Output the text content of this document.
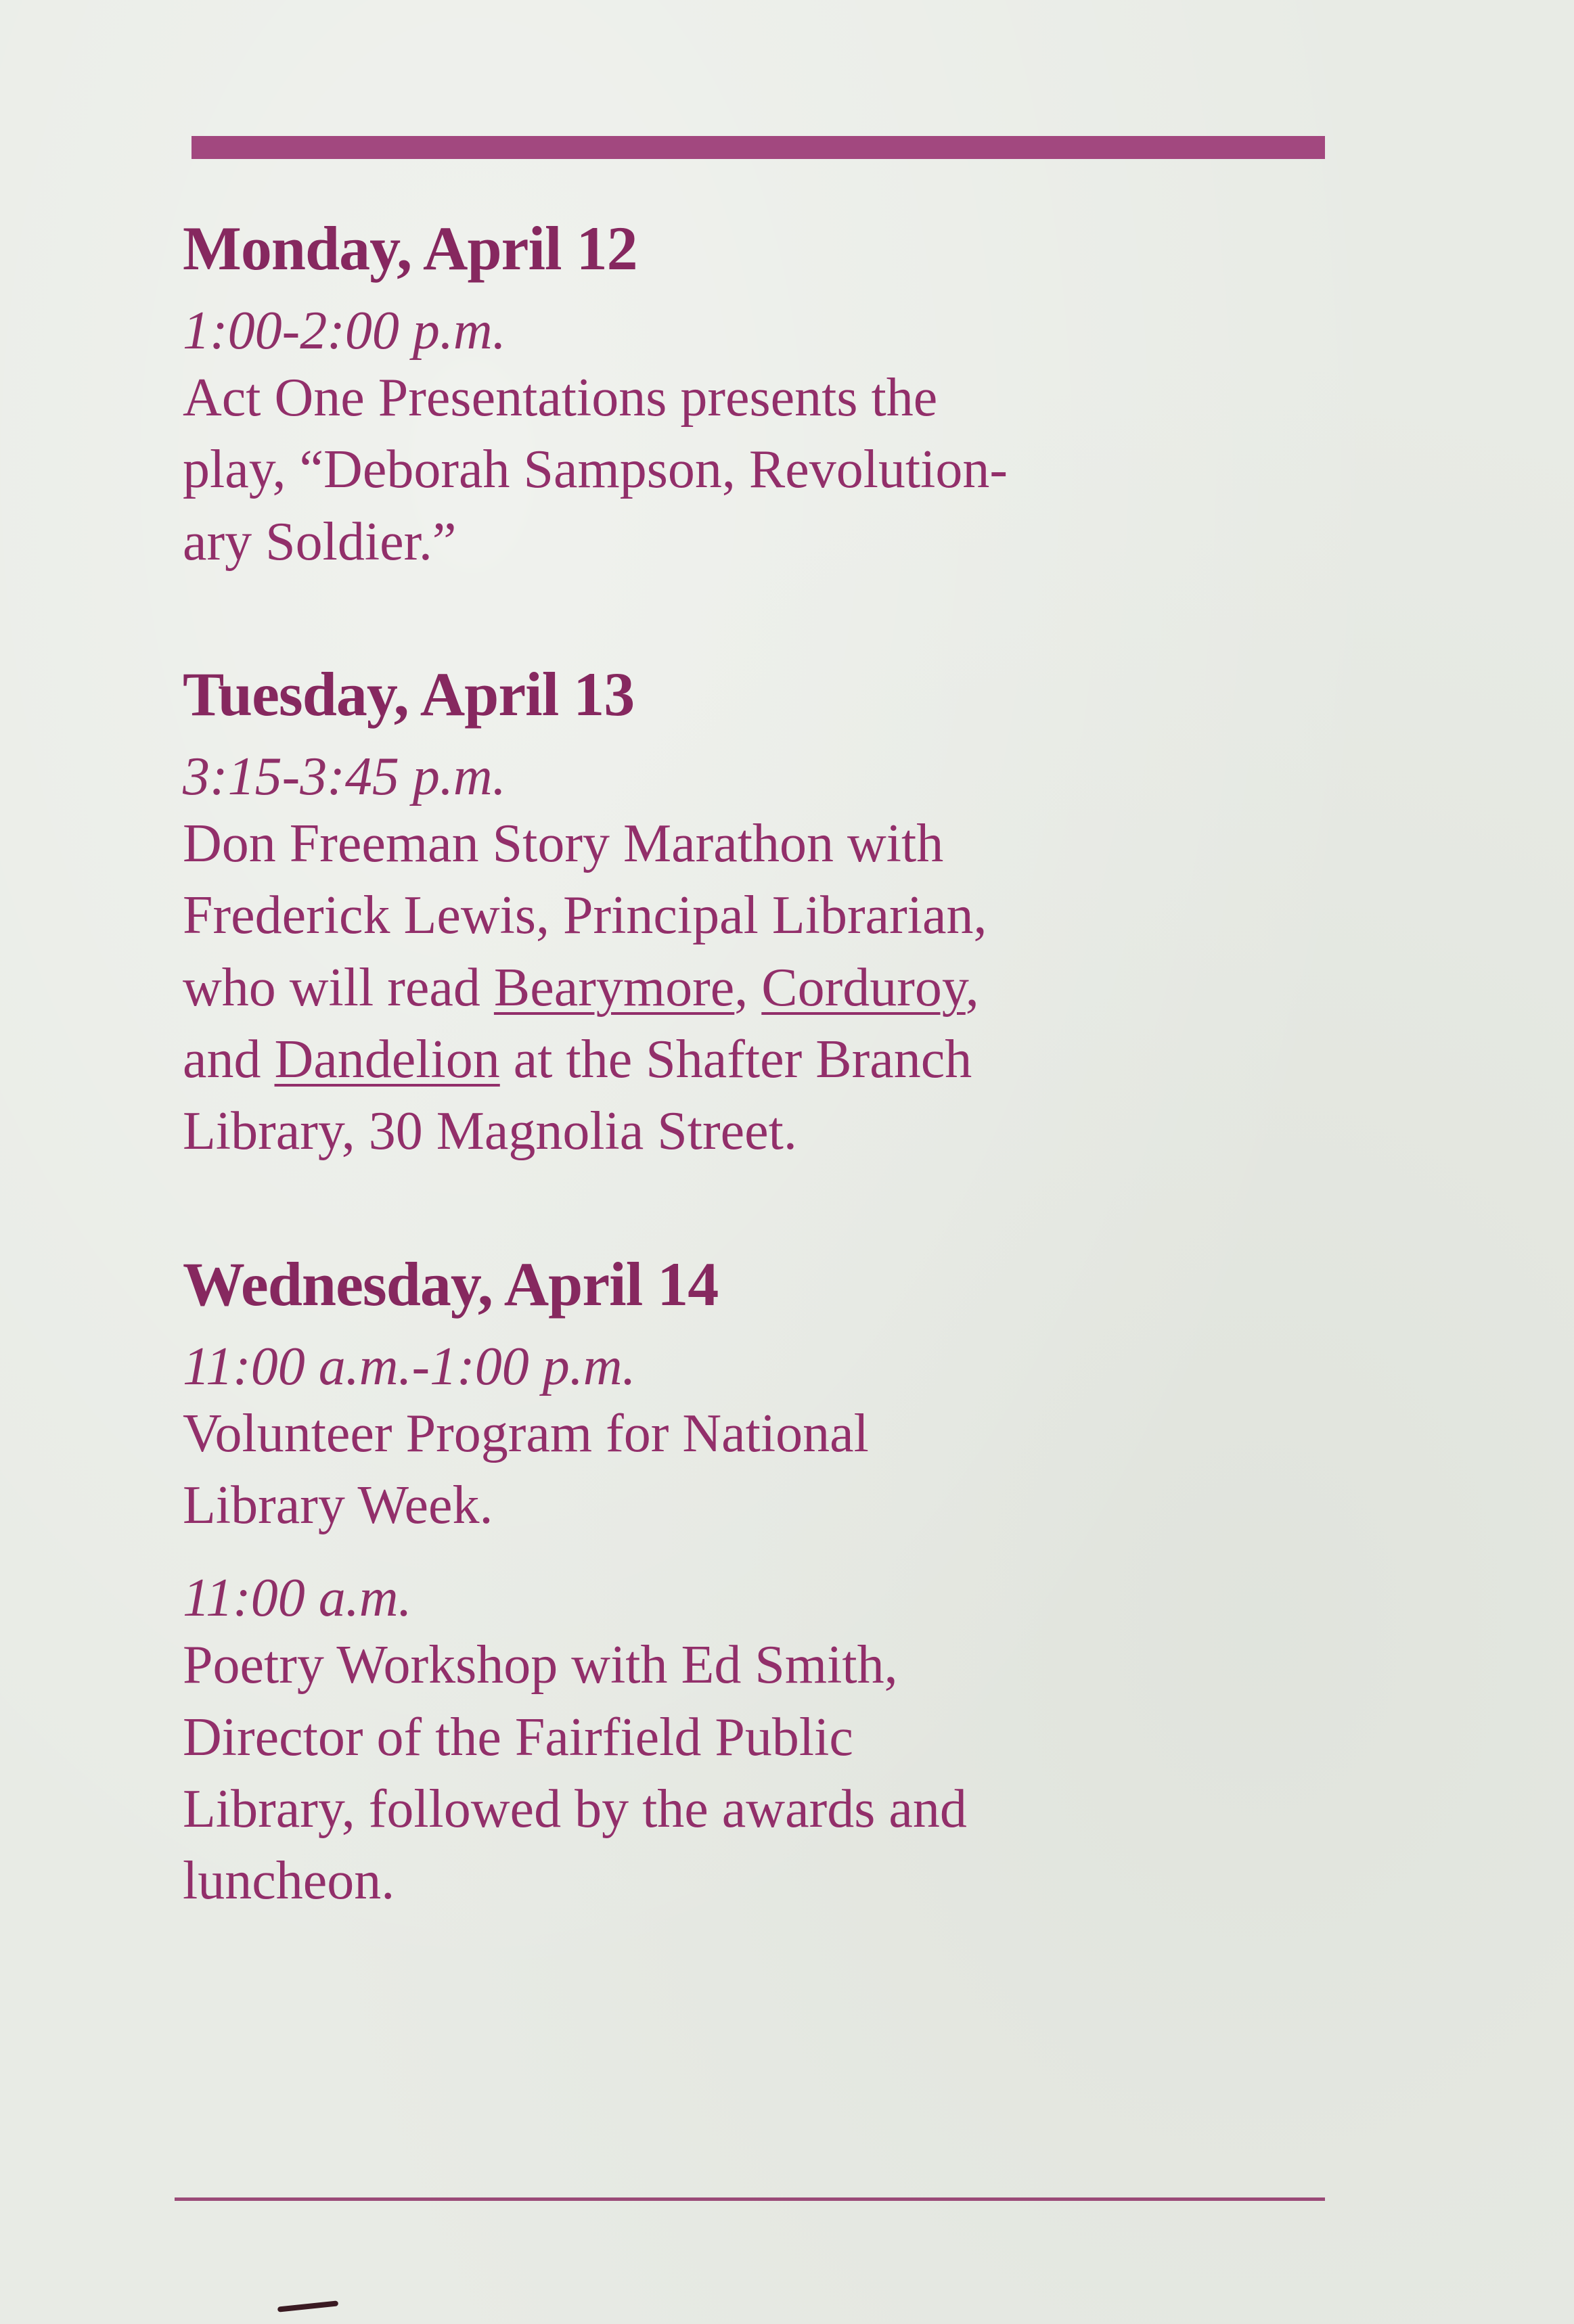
Monday, April 12

1:00-2:00 p.m.

Act One Presentations presents the
play, “Deborah Sampson, Revolution-
ary Soldier.”

Tuesday, April 13

3:15-3:45 p.m.

Don Freeman Story Marathon with
Frederick Lewis, Principal Librarian,
who will read Bearymore, Corduroy,
and Dandelion at the Shafter Branch
Library, 30 Magnolia Street.

Wednesday, April 14

11:00 a.m.-1:00 p.m.

Volunteer Program for National
Library Week.

11:00 a.m.

Poetry Workshop with Ed Smith,
Director of the Fairfield Public
Library, followed by the awards and
luncheon.
